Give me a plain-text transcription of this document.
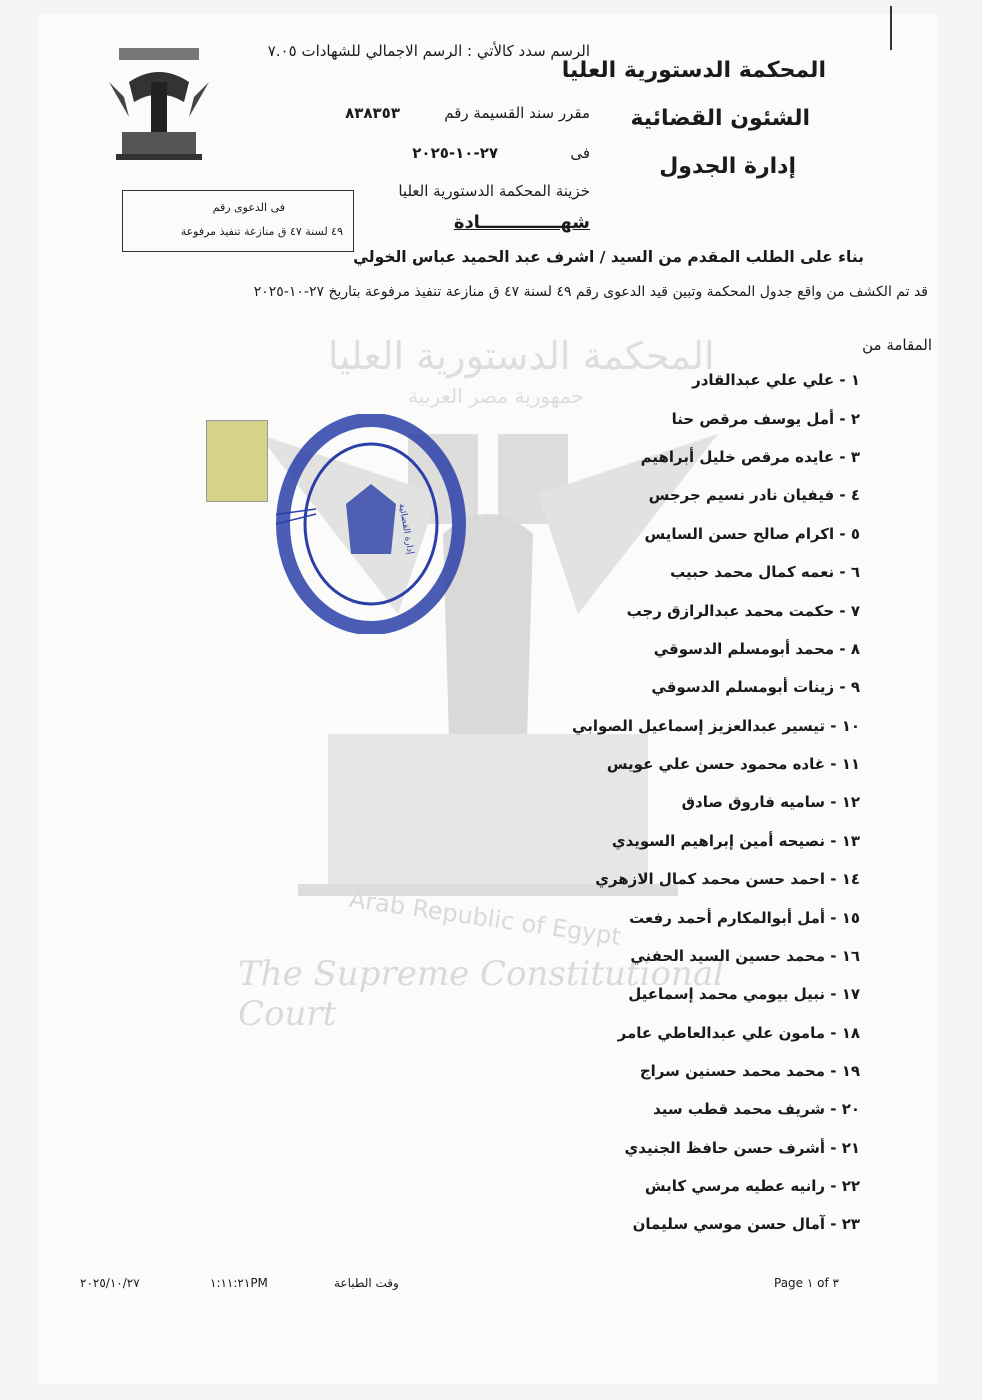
المحكمة الدستورية العليا
الشئون القضائية
إدارة الجدول
الرسم سدد كالأتي : الرسم الاجمالي للشهادات ٧.٠٥
مقرر سند القسيمة رقم
٨٣٨٣٥٣
فى
٢٧-١٠-٢٠٢٥
خزينة المحكمة الدستورية العليا
شهـــــــــــــادة
فى الدعوى رقم
٤٩ لسنة ٤٧ ق منازعة تنفيذ مرفوعة
بناء على الطلب المقدم من السيد / اشرف عبد الحميد عباس الخولي
قد تم الكشف من واقع جدول المحكمة وتبين قيد الدعوى رقم ٤٩ لسنة ٤٧ ق منازعة تنفيذ مرفوعة بتاريخ ٢٧-١٠-٢٠٢٥
المقامة من
المحكمة الدستورية العليا
جمهورية مصر العربية
Arab Republic of Egypt
The Supreme Constitutional Court
إدارة القضائية
١ - علي علي عبدالقادر
٢ - أمل يوسف مرقص حنا
٣ - عايده مرقص خليل أبراهيم
٤ - فيفيان نادر نسيم جرجس
٥ - اكرام صالح حسن السايس
٦ - نعمه كمال محمد حبيب
٧ - حكمت محمد عبدالرازق رجب
٨ - محمد أبومسلم الدسوقي
٩ - زينات أبومسلم الدسوقي
١٠ - تيسير عبدالعزيز إسماعيل الصوابي
١١ - غاده محمود حسن علي عويس
١٢ - ساميه فاروق صادق
١٣ - نصيحه أمين إبراهيم السويدي
١٤ - احمد حسن محمد كمال الازهري
١٥ - أمل أبوالمكارم أحمد رفعت
١٦ - محمد حسين السيد الحفني
١٧ - نبيل بيومي محمد إسماعيل
١٨ - مامون علي عبدالعاطي عامر
١٩ - محمد محمد حسنين سراج
٢٠ - شريف محمد قطب سيد
٢١ - أشرف حسن حافظ الجنيدي
٢٢ - رانيه عطيه مرسي كابش
٢٣ - آمال حسن موسي سليمان
Page ١ of ٣
وقت الطباعة
١:١١:٢١PM
٢٠٢٥/١٠/٢٧
